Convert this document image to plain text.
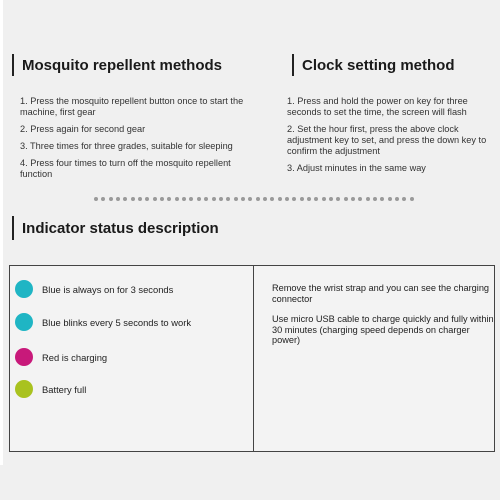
Mosquito repellent methods
1. Press the mosquito repellent button once to start the machine, first gear
2. Press again for second gear
3. Three times for three grades, suitable for sleeping
4. Press four times to turn off the mosquito repellent function
Clock setting method
1. Press and hold the power on key for three seconds to set the time, the screen will flash
2. Set the hour first, press the above clock adjustment key to set, and press the down key to confirm the adjustment
3. Adjust minutes in the same way
Indicator status description
Blue is always on for 3 seconds
Blue blinks every 5 seconds to work
Red is charging
Battery full
Remove the wrist strap and you can see the charging connector
Use micro USB cable to charge quickly and fully within 30 minutes (charging speed depends on charger power)
